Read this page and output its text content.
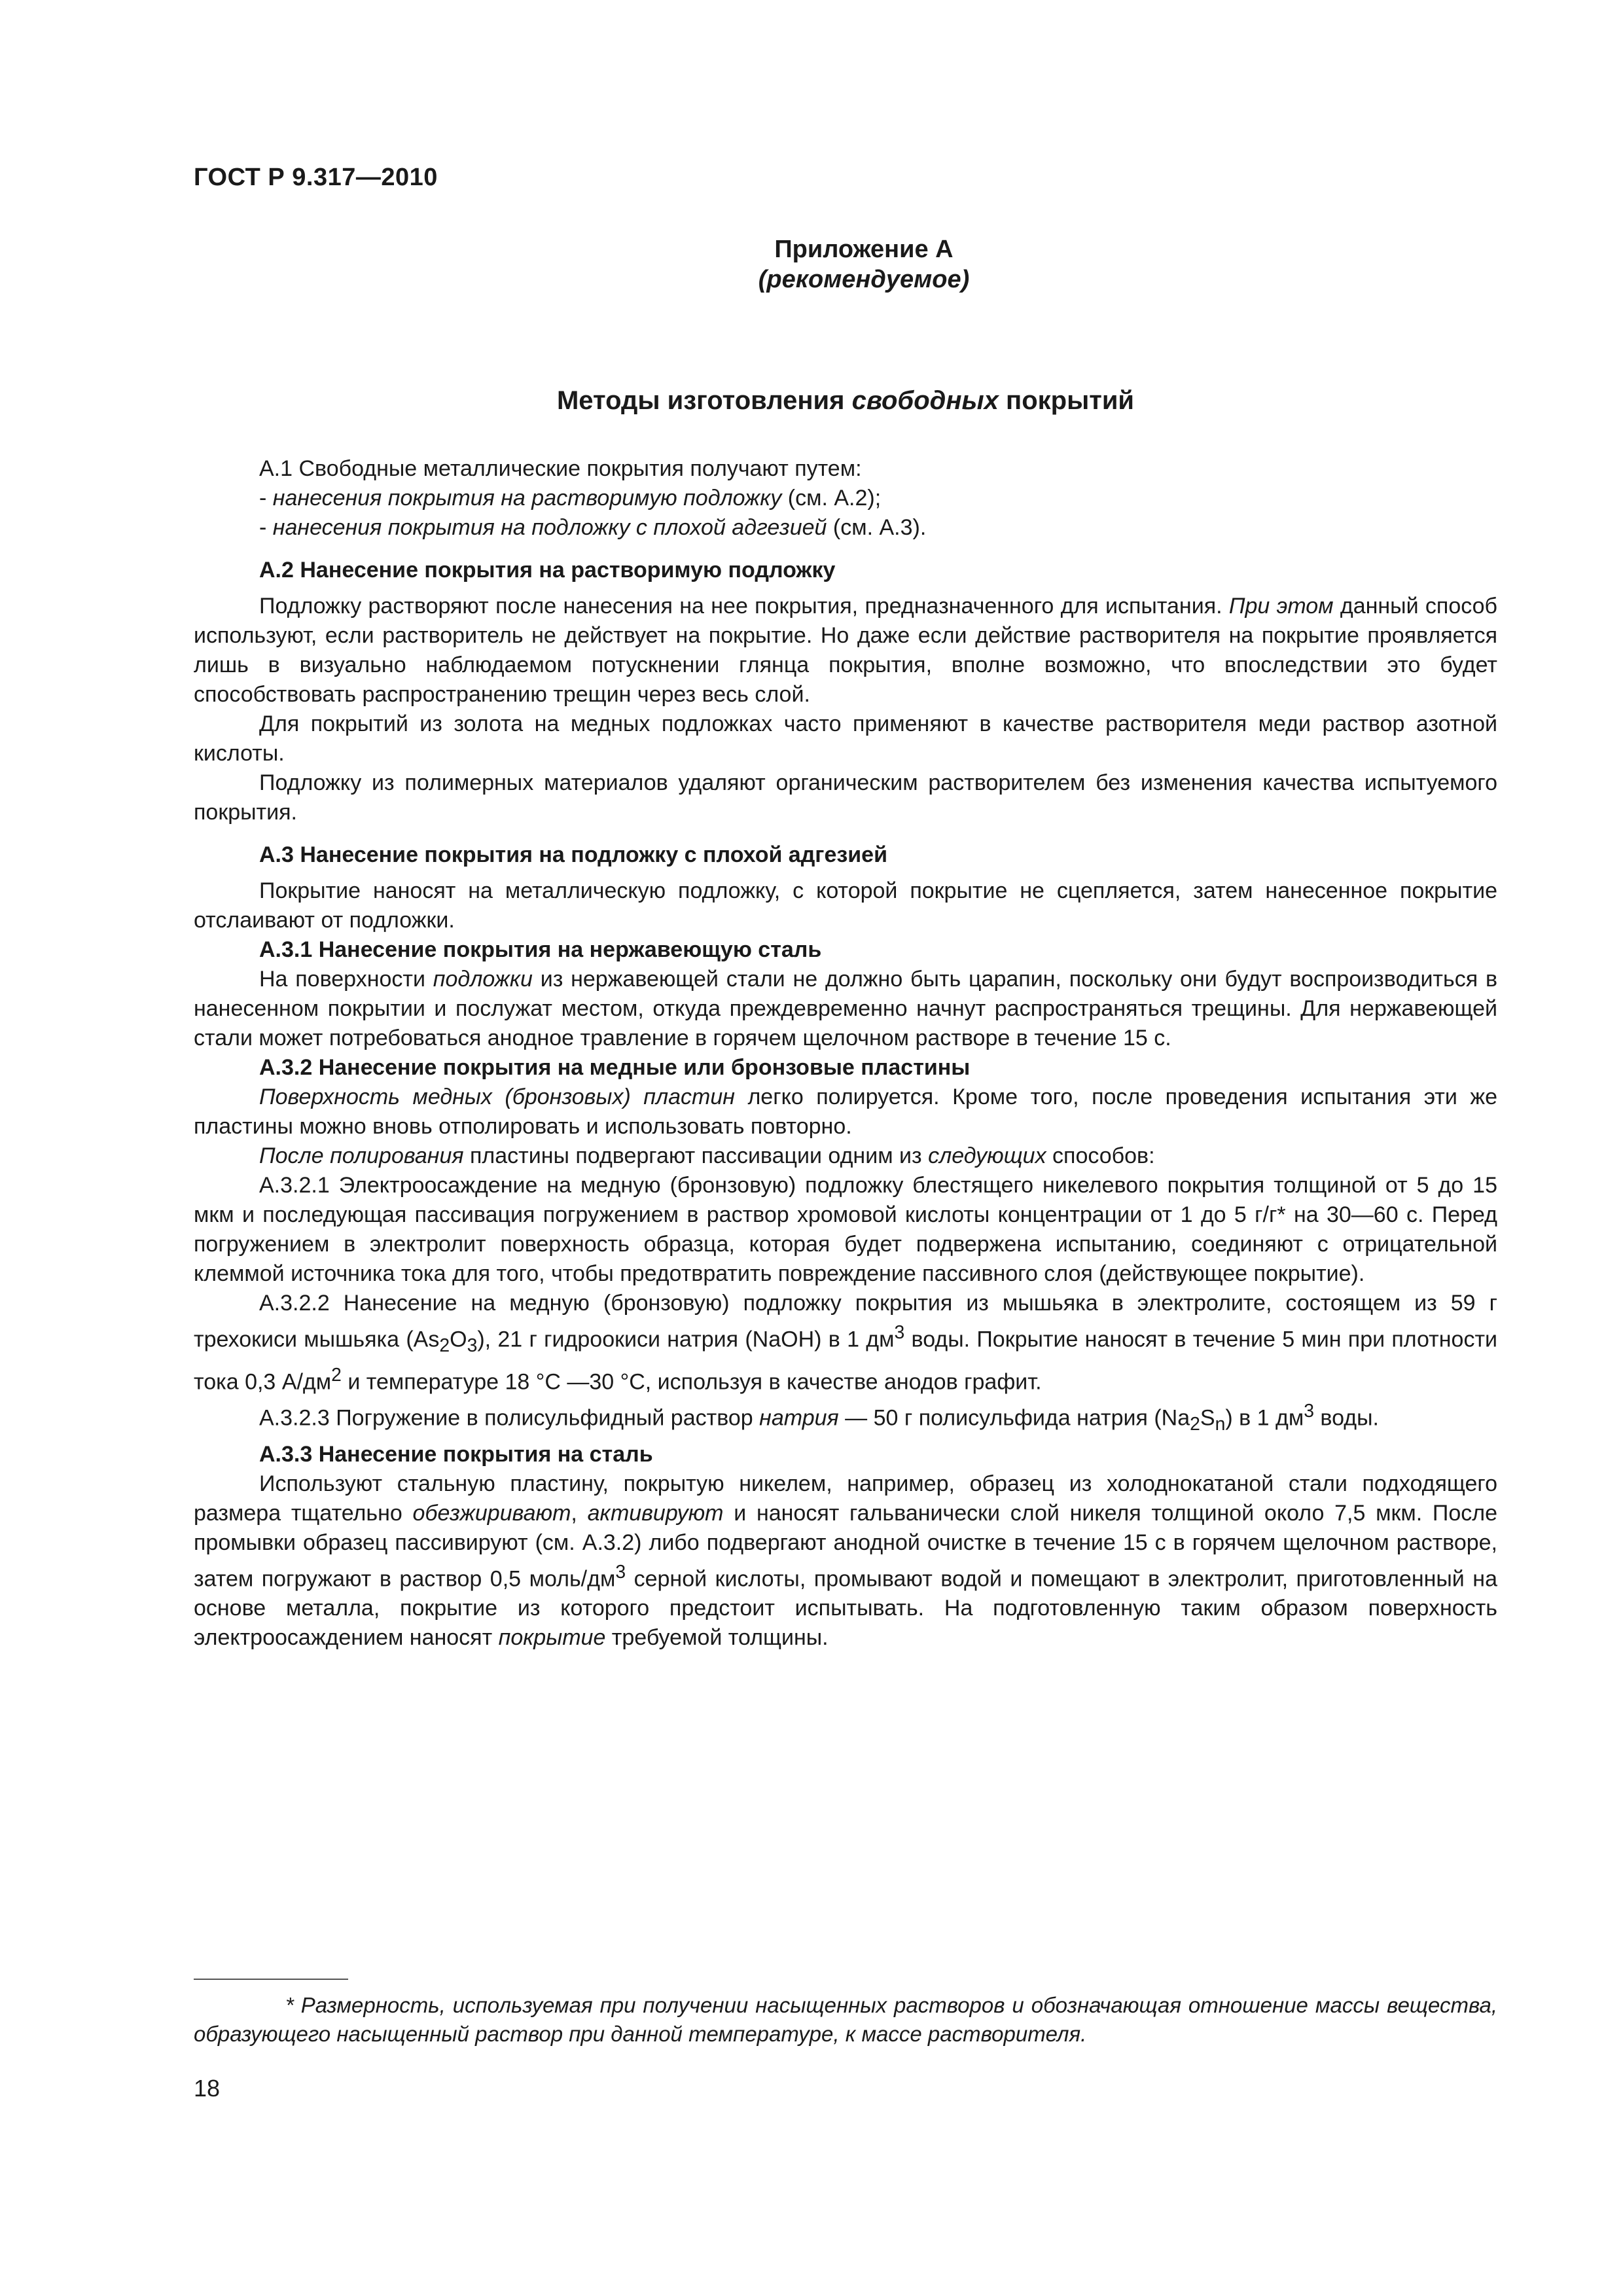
ГОСТ Р 9.317—2010
Приложение А
(рекомендуемое)
Методы изготовления свободных покрытий

А.1 Свободные металлические покрытия получают путем:

- нанесения покрытия на растворимую подложку (см. А.2);

- нанесения покрытия на подложку с плохой адгезией (см. А.3).

А.2 Нанесение покрытия на растворимую подложку

Подложку растворяют после нанесения на нее покрытия, предназначенного для испытания. При этом данный способ используют, если растворитель не действует на покрытие. Но даже если действие растворителя на покрытие проявляется лишь в визуально наблюдаемом потускнении глянца покрытия, вполне возможно, что впоследствии это будет способствовать распространению трещин через весь слой.

Для покрытий из золота на медных подложках часто применяют в качестве растворителя меди раствор азотной кислоты.

Подложку из полимерных материалов удаляют органическим растворителем без изменения качества испытуемого покрытия.

А.3 Нанесение покрытия на подложку с плохой адгезией

Покрытие наносят на металлическую подложку, с которой покрытие не сцепляется, затем нанесенное покрытие отслаивают от подложки.

А.3.1 Нанесение покрытия на нержавеющую сталь

На поверхности подложки из нержавеющей стали не должно быть царапин, поскольку они будут воспроизводиться в нанесенном покрытии и послужат местом, откуда преждевременно начнут распространяться трещины. Для нержавеющей стали может потребоваться анодное травление в горячем щелочном растворе в течение 15 с.

А.3.2 Нанесение покрытия на медные или бронзовые пластины

Поверхность медных (бронзовых) пластин легко полируется. Кроме того, после проведения испытания эти же пластины можно вновь отполировать и использовать повторно.

После полирования пластины подвергают пассивации одним из следующих способов:

А.3.2.1 Электроосаждение на медную (бронзовую) подложку блестящего никелевого покрытия толщиной от 5 до 15 мкм и последующая пассивация погружением в раствор хромовой кислоты концентрации от 1 до 5 г/г* на 30—60 с. Перед погружением в электролит поверхность образца, которая будет подвержена испытанию, соединяют с отрицательной клеммой источника тока для того, чтобы предотвратить повреждение пассивного слоя (действующее покрытие).

А.3.2.2 Нанесение на медную (бронзовую) подложку покрытия из мышьяка в электролите, состоящем из 59 г трехокиси мышьяка $(As_2O_3)$, 21 г гидроокиси натрия (NaOH) в 1 $дм^3$ воды. Покрытие наносят в течение 5 мин при плотности тока 0,3 $А/дм^2$ и температуре 18 °С —30 °С, используя в качестве анодов графит.

А.3.2.3 Погружение в полисульфидный раствор натрия — 50 г полисульфида натрия $(Na_2S_n)$ в 1 $дм^3$ воды.

А.3.3 Нанесение покрытия на сталь

Используют стальную пластину, покрытую никелем, например, образец из холоднокатаной стали подходящего размера тщательно обезжиривают, активируют и наносят гальванически слой никеля толщиной около 7,5 мкм. После промывки образец пассивируют (см. А.3.2) либо подвергают анодной очистке в течение 15 с в горячем щелочном растворе, затем погружают в раствор 0,5 моль/$дм^3$ серной кислоты, промывают водой и помещают в электролит, приготовленный на основе металла, покрытие из которого предстоит испытывать. На подготовленную таким образом поверхность электроосаждением наносят покрытие требуемой толщины.

* Размерность, используемая при получении насыщенных растворов и обозначающая отношение массы вещества, образующего насыщенный раствор при данной температуре, к массе растворителя.

18
